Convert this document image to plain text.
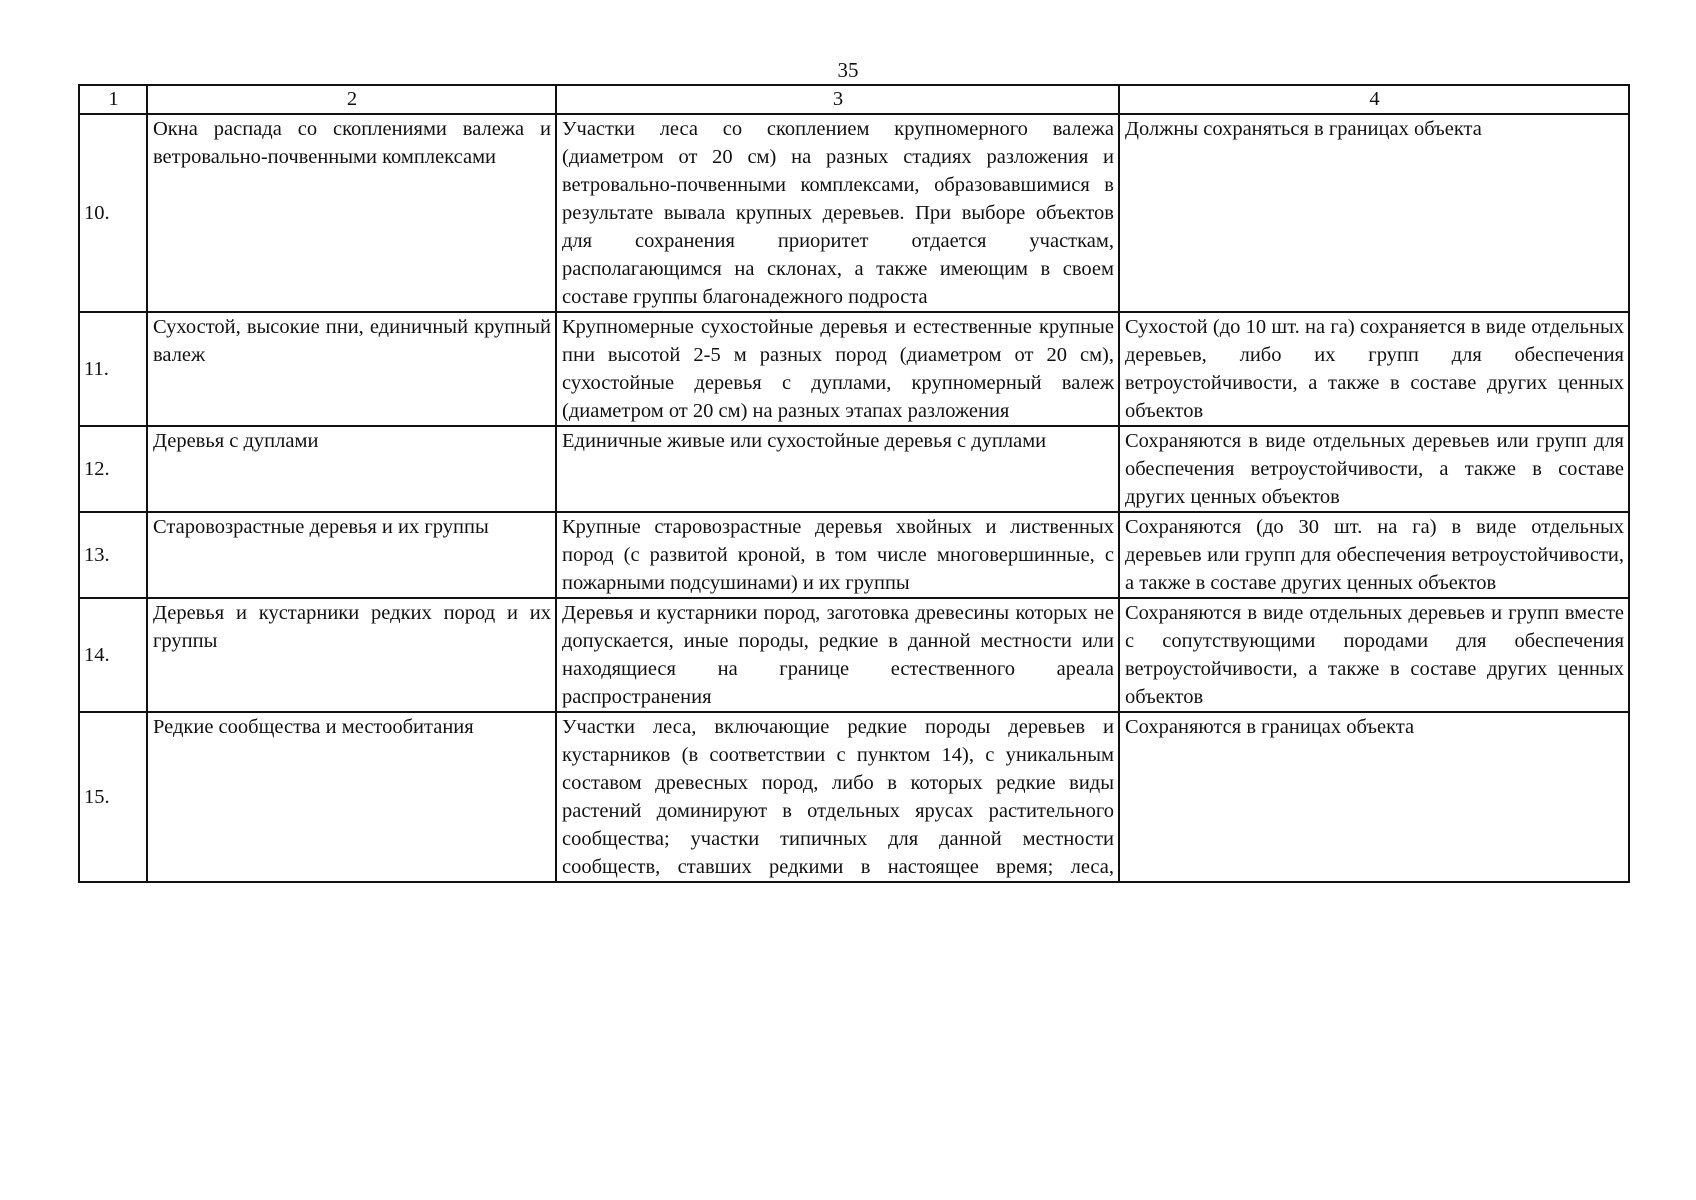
35
1	2	3	4
10.	Окна распада со скоплениями валежа и ветровально-почвенными комплексами	Участки леса со скоплением крупномерного валежа (диаметром от 20 см) на разных стадиях разложения и ветровально-почвенными комплексами, образовавшимися в результате вывала крупных деревьев. При выборе объектов для сохранения приоритет отдается участкам, располагающимся на склонах, а также имеющим в своем составе группы благонадежного подроста	Должны сохраняться в границах объекта
11.	Сухостой, высокие пни, единичный крупный валеж	Крупномерные сухостойные деревья и естественные крупные пни высотой 2-5 м разных пород (диаметром от 20 см), сухостойные деревья с дуплами, крупномерный валеж (диаметром от 20 см) на разных этапах разложения	Сухостой (до 10 шт. на га) сохраняется в виде отдельных деревьев, либо их групп для обеспечения ветроустойчивости, а также в составе других ценных объектов
12.	Деревья с дуплами	Единичные живые или сухостойные деревья с дуплами	Сохраняются в виде отдельных деревьев или групп для обеспечения ветроустойчивости, а также в составе других ценных объектов
13.	Старовозрастные деревья и их группы	Крупные старовозрастные деревья хвойных и лиственных пород (с развитой кроной, в том числе многовершинные, с пожарными подсушинами) и их группы	Сохраняются (до 30 шт. на га) в виде отдельных деревьев или групп для обеспечения ветроустойчивости, а также в составе других ценных объектов
14.	Деревья и кустарники редких пород и их группы	Деревья и кустарники пород, заготовка древесины которых не допускается, иные породы, редкие в данной местности или находящиеся на границе естественного ареала распространения	Сохраняются в виде отдельных деревьев и групп вместе с сопутствующими породами для обеспечения ветроустойчивости, а также в составе других ценных объектов
15.	Редкие сообщества и местообитания	Участки леса, включающие редкие породы деревьев и кустарников (в соответствии с пунктом 14), с уникальным составом древесных пород, либо в которых редкие виды растений доминируют в отдельных ярусах растительного сообщества; участки типичных для данной местности сообществ, ставших редкими в настоящее время; леса,	Сохраняются в границах объекта
